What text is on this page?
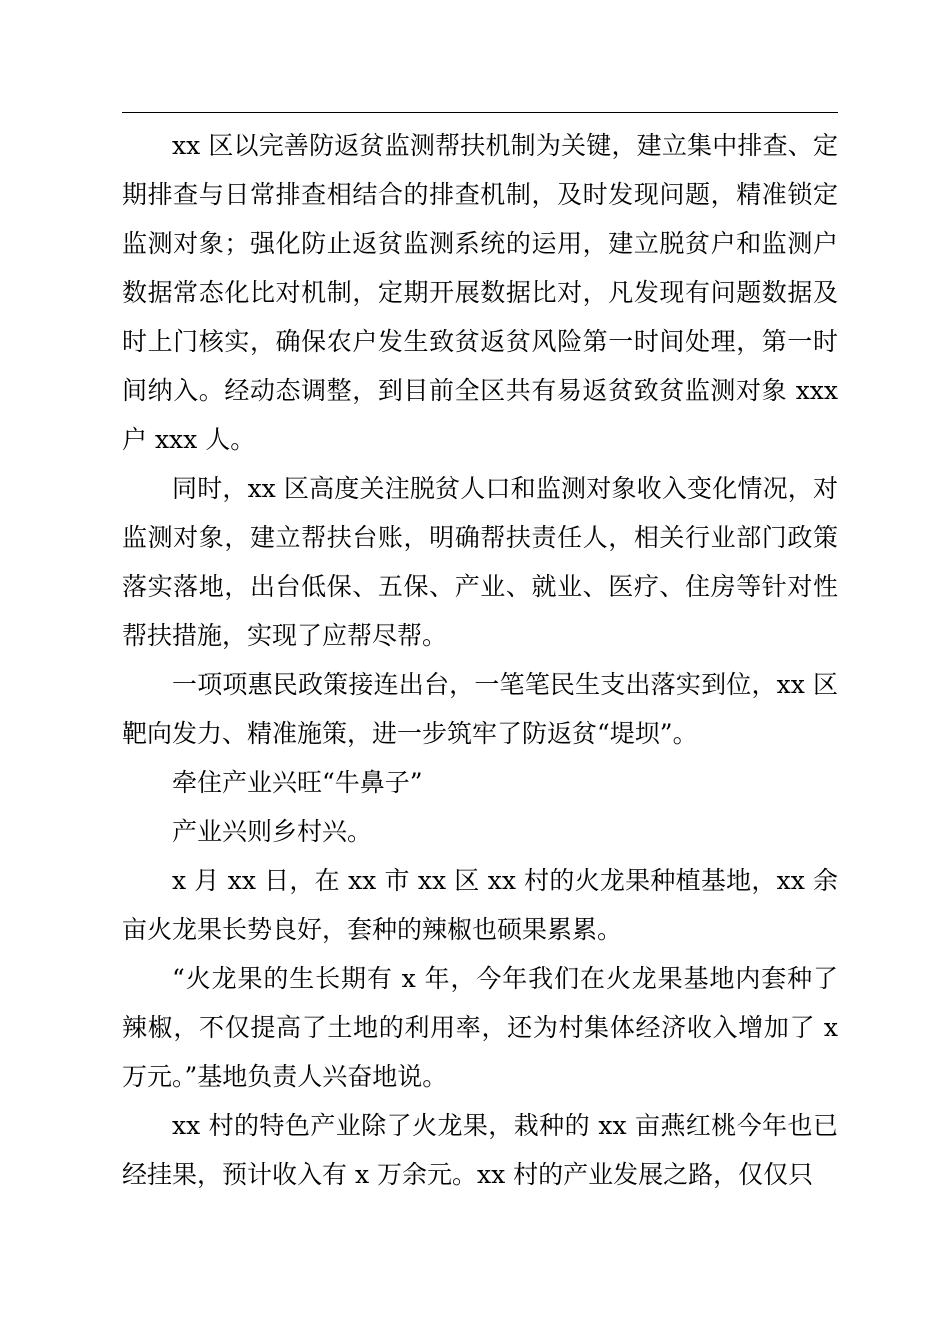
xx 区以完善防返贫监测帮扶机制为关键，建立集中排查、定期排查与日常排查相结合的排查机制，及时发现问题，精准锁定监测对象；强化防止返贫监测系统的运用，建立脱贫户和监测户数据常态化比对机制，定期开展数据比对，凡发现有问题数据及时上门核实，确保农户发生致贫返贫风险第一时间处理，第一时间纳入。经动态调整，到目前全区共有易返贫致贫监测对象 xxx 户 xxx 人。

同时，xx 区高度关注脱贫人口和监测对象收入变化情况，对监测对象，建立帮扶台账，明确帮扶责任人，相关行业部门政策落实落地，出台低保、五保、产业、就业、医疗、住房等针对性帮扶措施，实现了应帮尽帮。

一项项惠民政策接连出台，一笔笔民生支出落实到位，xx 区靶向发力、精准施策，进一步筑牢了防返贫“堤坝”。

牵住产业兴旺“牛鼻子”

产业兴则乡村兴。

x 月 xx 日，在 xx 市 xx 区 xx 村的火龙果种植基地，xx 余亩火龙果长势良好，套种的辣椒也硕果累累。

“火龙果的生长期有 x 年，今年我们在火龙果基地内套种了辣椒，不仅提高了土地的利用率，还为村集体经济收入增加了 x 万元。”基地负责人兴奋地说。

xx 村的特色产业除了火龙果，栽种的 xx 亩燕红桃今年也已经挂果，预计收入有 x 万余元。xx 村的产业发展之路，仅仅只
